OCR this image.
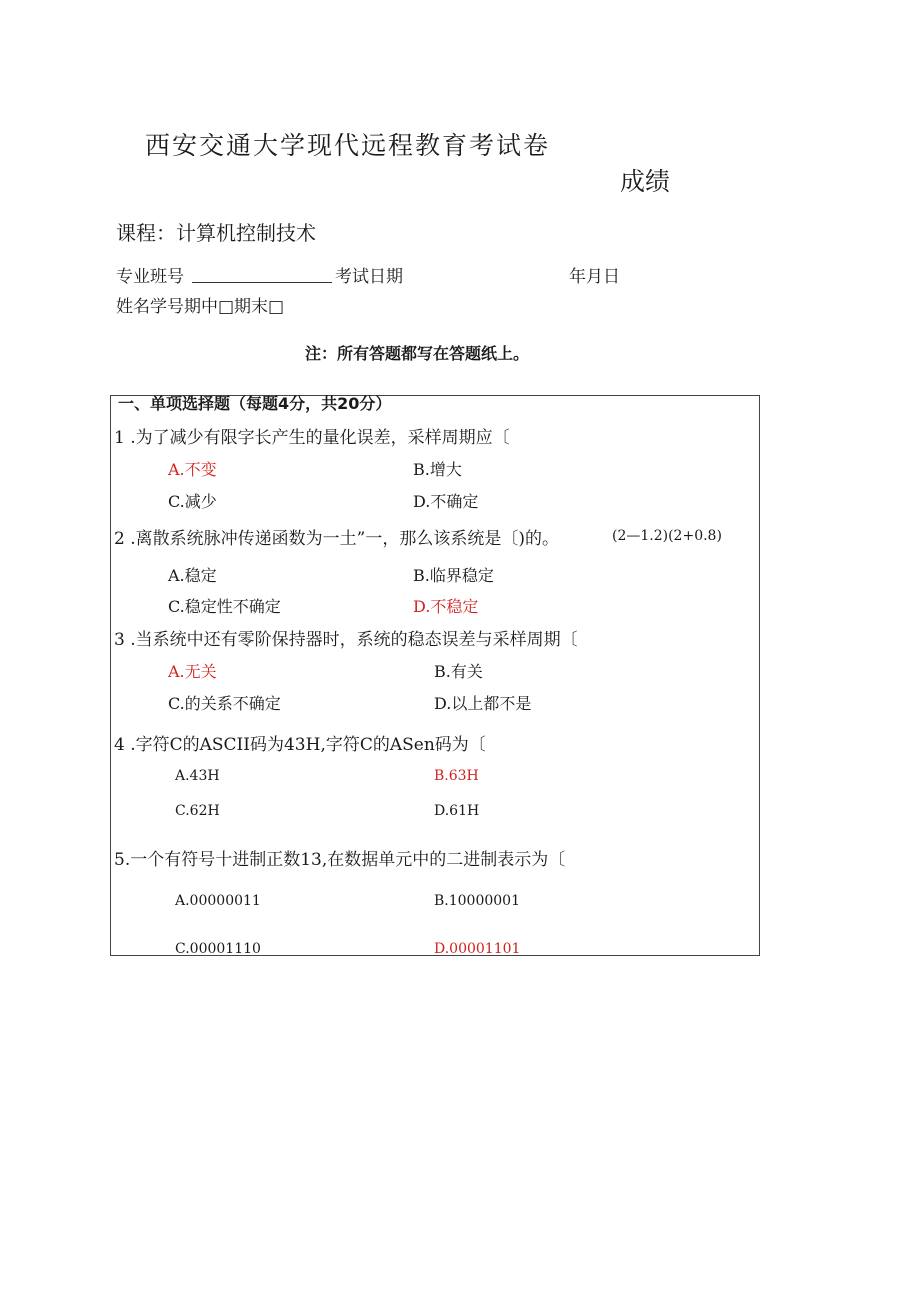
西安交通大学现代远程教育考试卷
成绩
课程：计算机控制技术
专业班号	考试日期	年月日
姓名学号期中□期末□
注：所有答题都写在答题纸上。
一、单项选择题（每题4分，共20分）
1 .为了减少有限字长产生的量化误差，采样周期应〔
A.不变	B.增大
C.减少	D.不确定
2 .离散系统脉冲传递函数为一土”一，那么该系统是〔)的。	(2—1.2)(2+0.8)
A.稳定	B.临界稳定
C.稳定性不确定	D.不稳定
3 .当系统中还有零阶保持器时，系统的稳态误差与采样周期〔
A.无关	B.有关
C.的关系不确定	D.以上都不是
4 .字符C的ASCII码为43H,字符C的ASen码为〔
A.43H	B.63H
C.62H	D.61H
5.一个有符号十进制正数13,在数据单元中的二进制表示为〔
A.00000011	B.10000001
C.00001110	D.00001101
